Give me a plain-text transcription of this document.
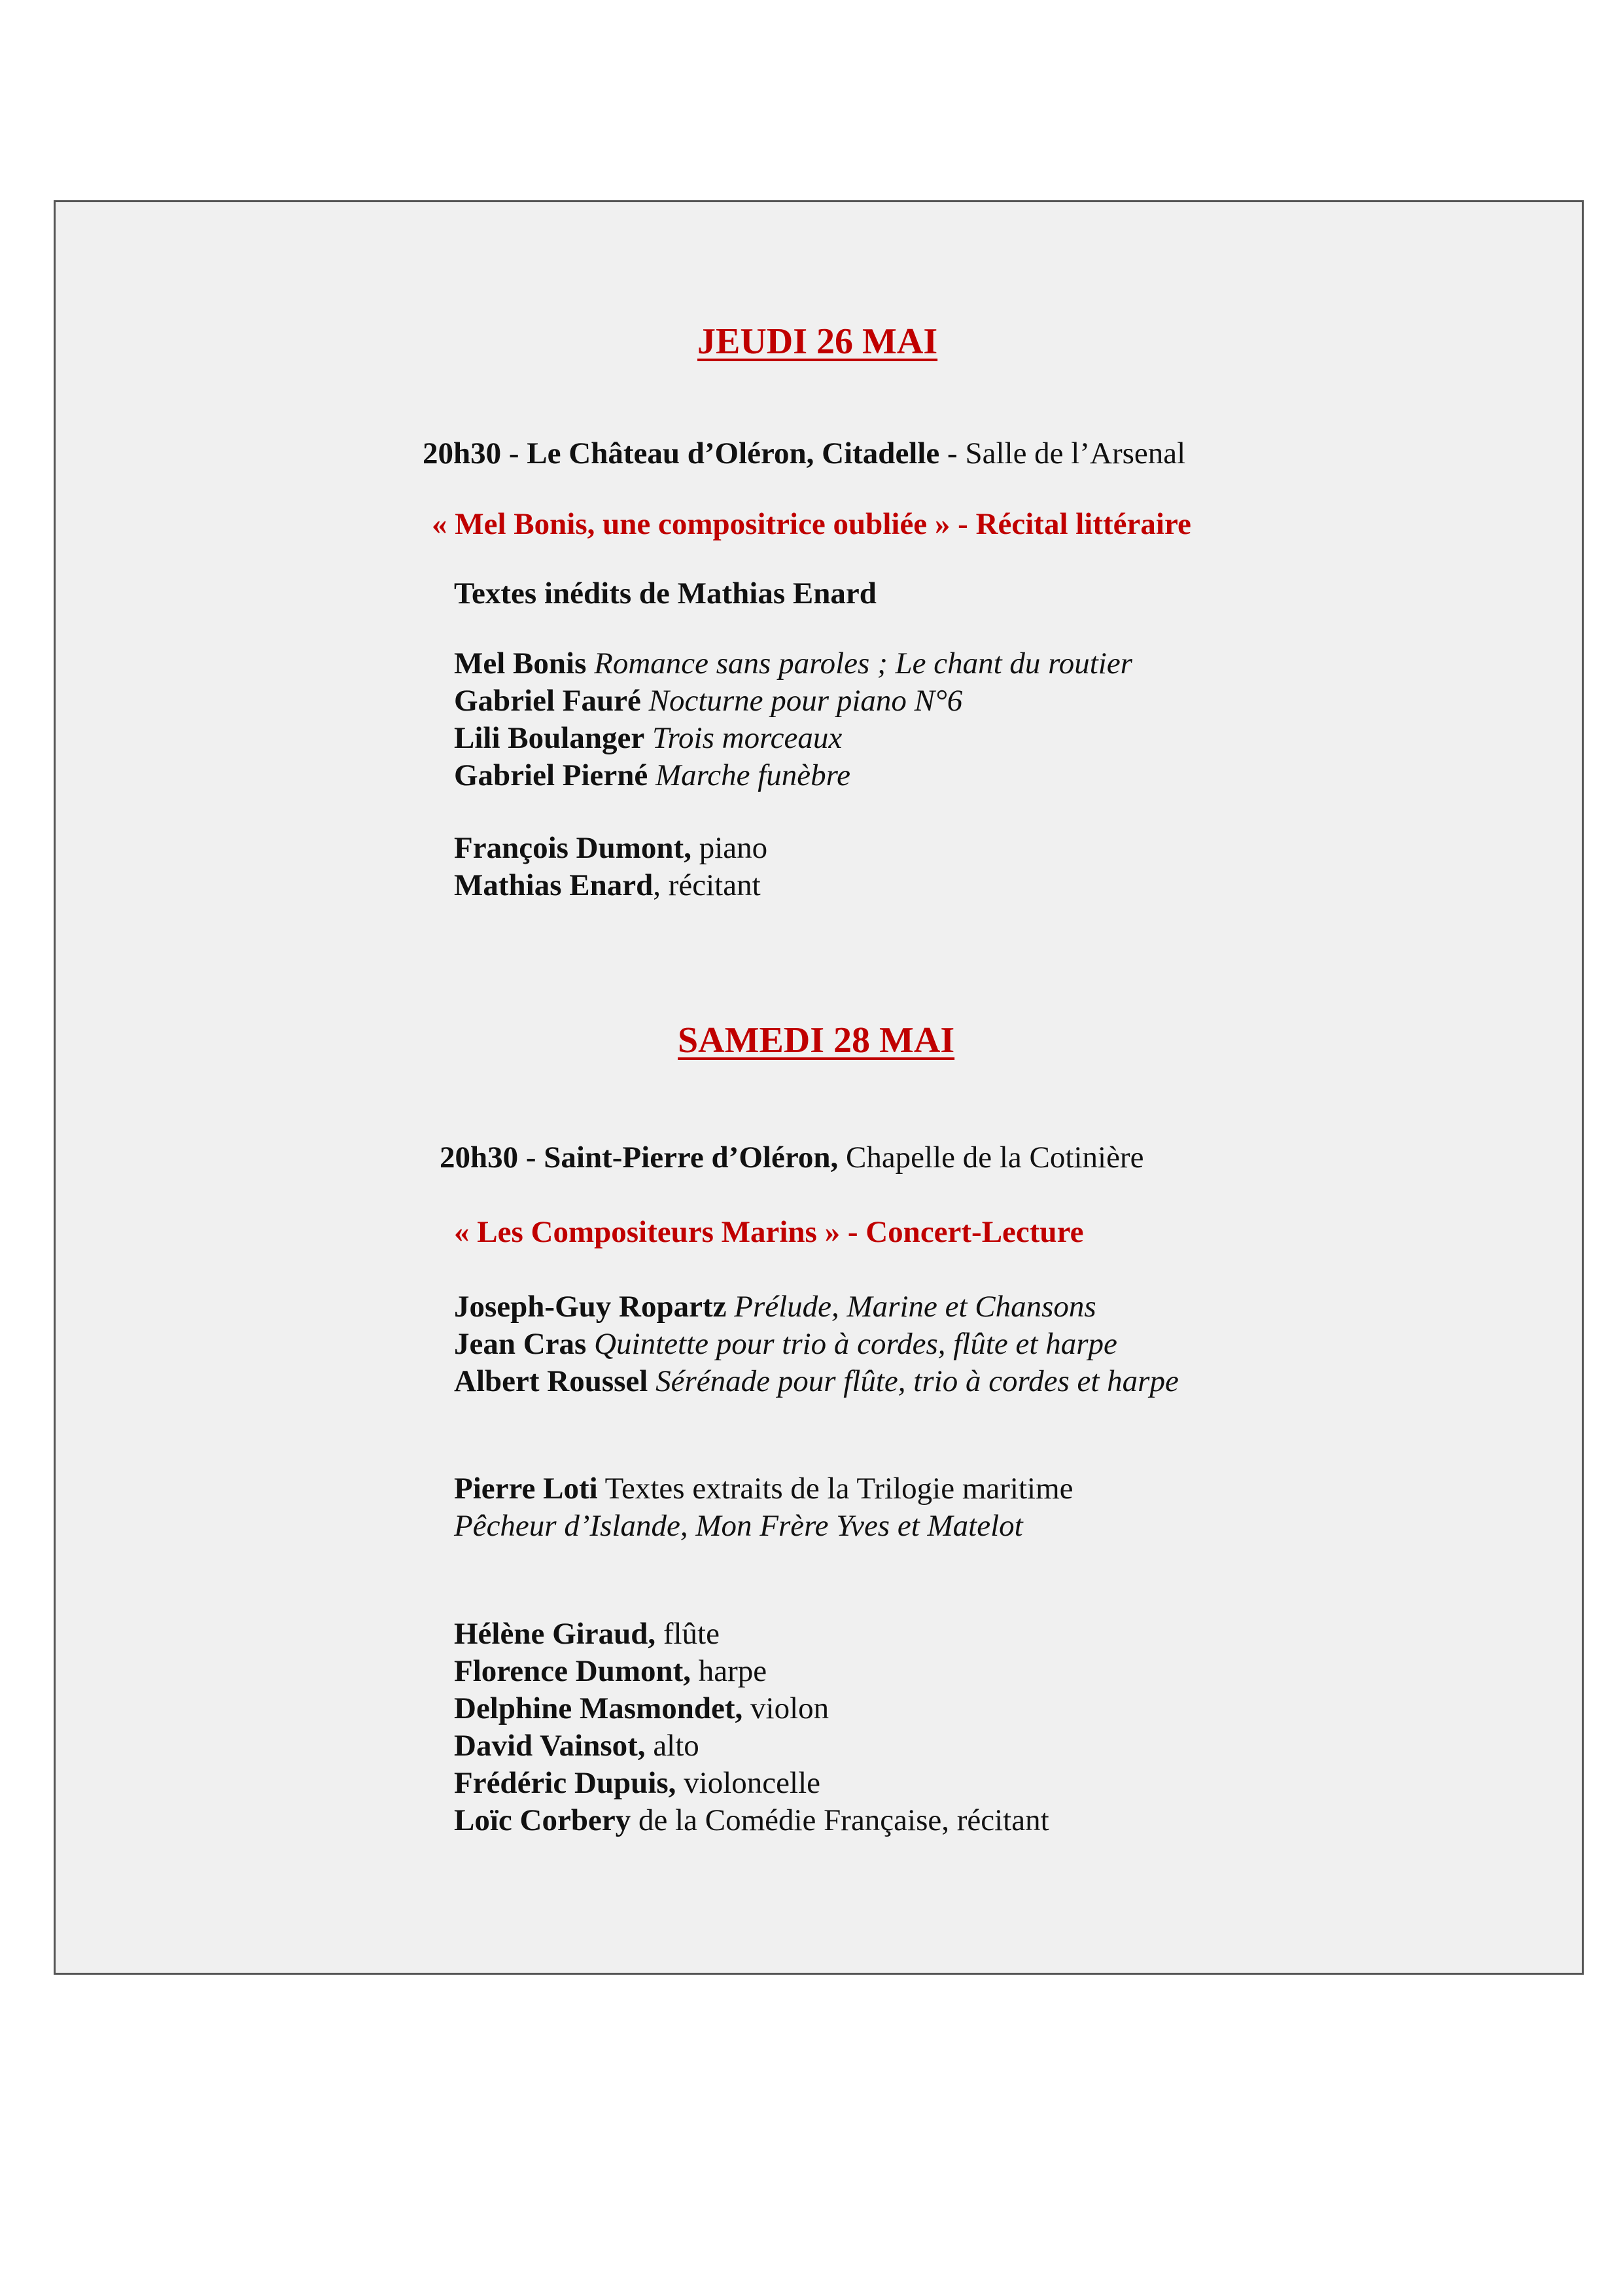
JEUDI 26 MAI
20h30 - Le Château d’Oléron, Citadelle - Salle de l’Arsenal
« Mel Bonis, une compositrice oubliée » - Récital littéraire
Textes inédits de Mathias Enard
Mel Bonis Romance sans paroles ; Le chant du routier
Gabriel Fauré Nocturne pour piano N°6
Lili Boulanger Trois morceaux
Gabriel Pierné Marche funèbre
François Dumont, piano
Mathias Enard, récitant
SAMEDI 28 MAI
20h30 - Saint-Pierre d’Oléron, Chapelle de la Cotinière
« Les Compositeurs Marins » - Concert-Lecture
Joseph-Guy Ropartz Prélude, Marine et Chansons
Jean Cras Quintette pour trio à cordes, flûte et harpe
Albert Roussel Sérénade pour flûte, trio à cordes et harpe
Pierre Loti Textes extraits de la Trilogie maritime
Pêcheur d’Islande, Mon Frère Yves et Matelot
Hélène Giraud, flûte
Florence Dumont, harpe
Delphine Masmondet, violon
David Vainsot, alto
Frédéric Dupuis, violoncelle
Loïc Corbery de la Comédie Française, récitant
